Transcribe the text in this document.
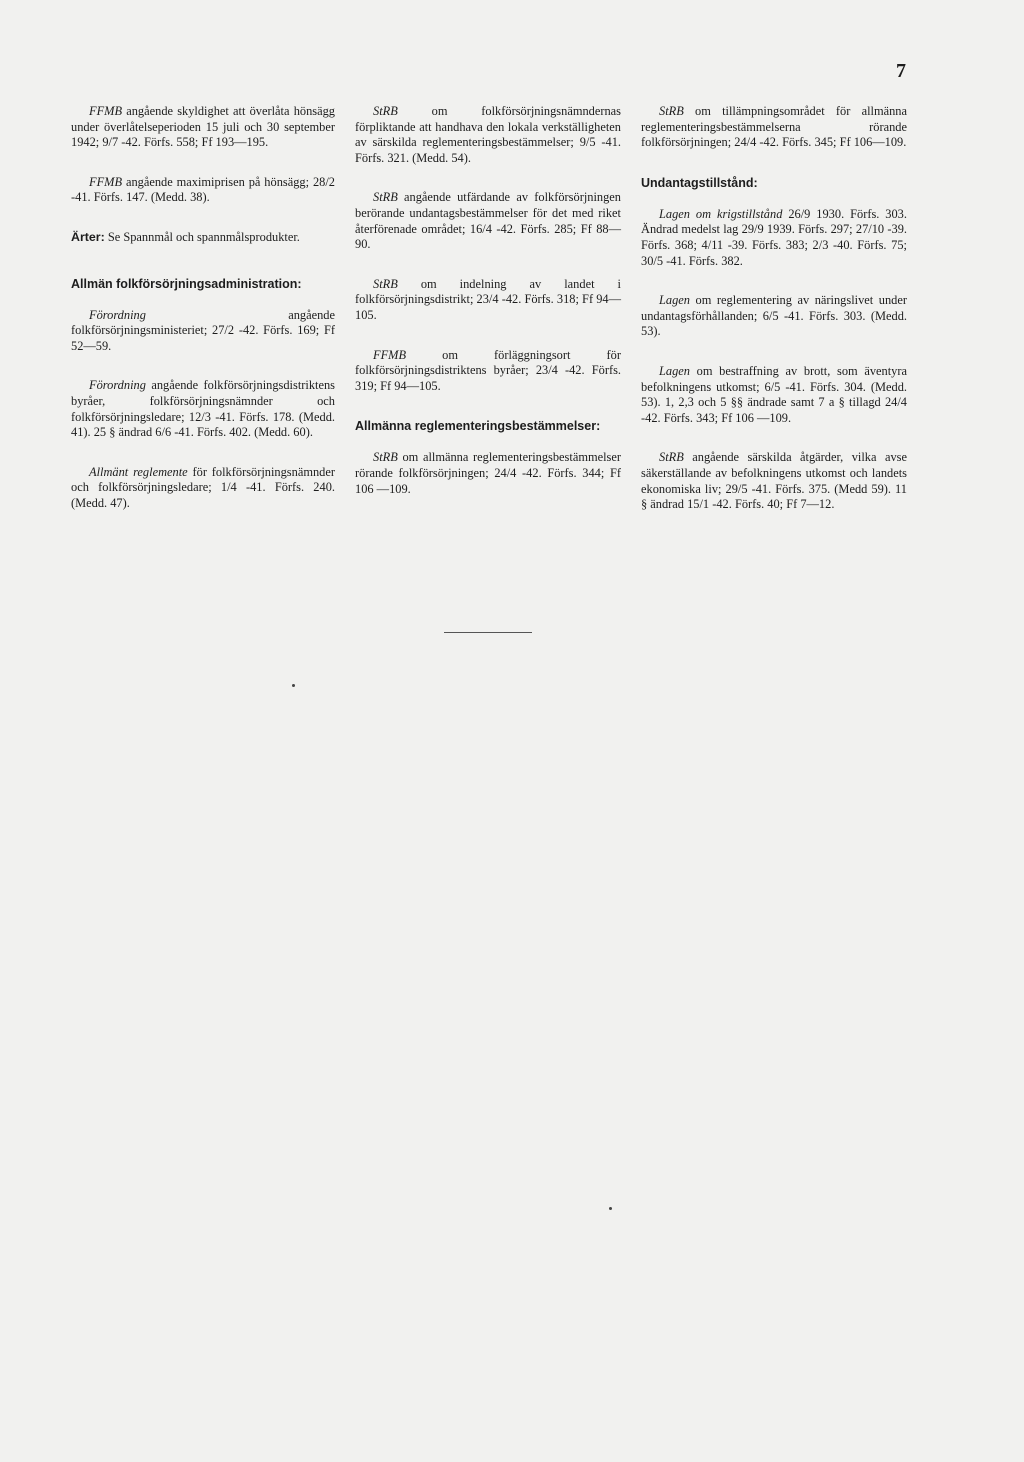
7

FFMB angående skyldighet att överlåta hönsägg under överlåtelseperioden 15 juli och 30 september 1942; 9/7 -42. Förfs. 558; Ff 193—195.

FFMB angående maximiprisen på hönsägg; 28/2 -41. Förfs. 147. (Medd. 38).

Ärter: Se Spannmål och spannmålsprodukter.

Allmän folkförsörjningsadministration:

Förordning	angående folkförsörjningsministeriet; 27/2 -42. Förfs. 169; Ff 52—59.

Förordning angående folkförsörjningsdistriktens byråer, folkförsörjningsnämnder och folkförsörjningsledare; 12/3 -41. Förfs. 178. (Medd. 41). 25 § ändrad 6/6 -41. Förfs. 402. (Medd. 60).

Allmänt reglemente för folkförsörjningsnämnder och folkförsörjningsledare; 1/4 -41. Förfs. 240. (Medd. 47).

StRB	om folkförsörjningsnämndernas förpliktande att handhava den lokala verkställigheten av särskilda reglementeringsbestämmelser; 9/5 -41. Förfs. 321. (Medd. 54).

StRB angående utfärdande av folkförsörjningen berörande undantagsbestämmelser för det med riket återförenade området; 16/4 -42. Förfs. 285; Ff 88—90.

StRB om indelning av landet i folkförsörjningsdistrikt; 23/4 -42. Förfs. 318; Ff 94—105.

FFMB	om förläggningsort för folkförsörjningsdistriktens byråer; 23/4 -42. Förfs. 319; Ff 94—105.

Allmänna reglementeringsbestämmelser:

StRB om allmänna reglementeringsbestämmelser rörande folkförsörjningen; 24/4 -42. Förfs. 344; Ff 106 —109.

StRB om tillämpningsområdet för allmänna reglementeringsbestämmelserna rörande folkförsörjningen; 24/4 -42. Förfs. 345; Ff 106—109.

Undantagstillstånd:

Lagen om krigstillstånd 26/9 1930. Förfs. 303. Ändrad medelst lag 29/9 1939. Förfs. 297; 27/10 -39. Förfs. 368; 4/11 -39. Förfs. 383; 2/3 -40. Förfs. 75; 30/5 -41. Förfs. 382.

Lagen om reglementering av näringslivet under undantagsförhållanden; 6/5 -41. Förfs. 303. (Medd. 53).

Lagen om bestraffning av brott, som äventyra befolkningens utkomst; 6/5 -41. Förfs. 304. (Medd. 53). 1, 2,3 och 5 §§ ändrade samt 7 a § tillagd 24/4 -42. Förfs. 343; Ff 106 —109.

StRB angående särskilda åtgärder, vilka avse säkerställande av befolkningens utkomst och landets ekonomiska liv; 29/5 -41. Förfs. 375. (Medd 59). 11 § ändrad 15/1 -42. Förfs. 40; Ff 7—12.
